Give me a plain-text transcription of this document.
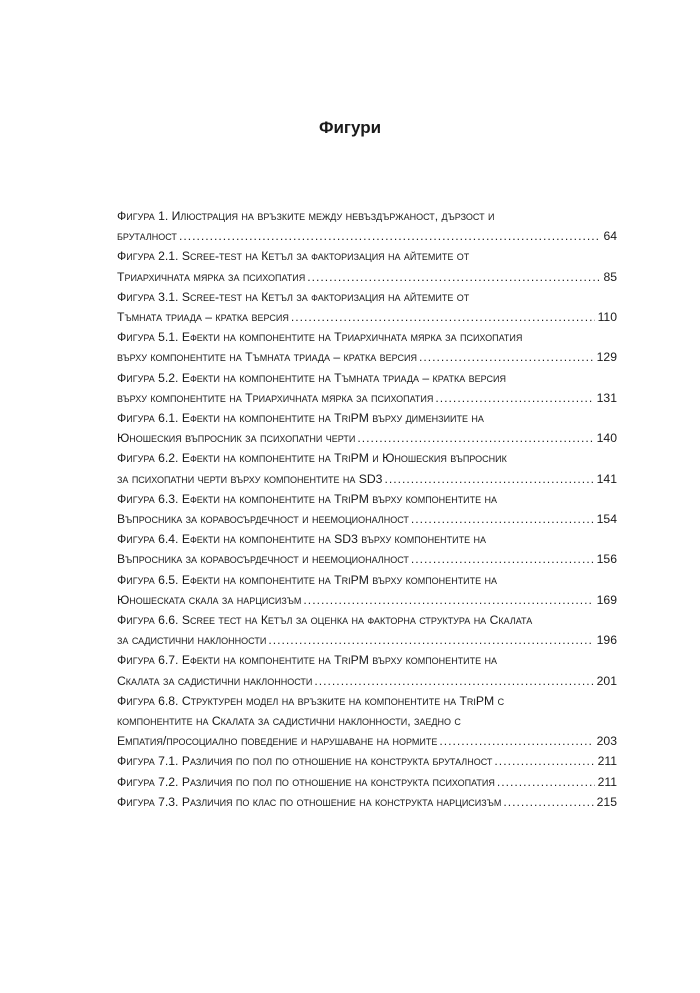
Фигури
Фигура 1. Илюстрация на връзките между невъздържаност, дързост и
бруталност .....	64
Фигура 2.1. Scree-test на Кетъл за факторизация на айтемите от
Триархичната мярка за психопатия .....	85
Фигура 3.1. Scree-test на Кетъл за факторизация на айтемите от
Тъмната триада – кратка версия .....	110
Фигура 5.1. Ефекти на компонентите на Триархичната мярка за психопатия
върху компонентите на Тъмната триада – кратка версия .....	129
Фигура 5.2. Ефекти на компонентите на Тъмната триада – кратка версия
върху компонентите на Триархичната мярка за психопатия .....	131
Фигура 6.1. Ефекти на компонентите на TriPM върху димензиите на
Юношеския въпросник за психопатни черти .....	140
Фигура 6.2. Ефекти на компонентите на TriPM и Юношеския въпросник
за психопатни черти върху компонентите на SD3 .....	141
Фигура 6.3. Ефекти на компонентите на TriPM върху компонентите на
Въпросника за коравосърдечност и неемоционалност .....	154
Фигура 6.4. Ефекти на компонентите на SD3 върху компонентите на
Въпросника за коравосърдечност и неемоционалност .....	156
Фигура 6.5. Ефекти на компонентите на TriPM върху компонентите на
Юношеската скала за нарцисизъм .....	169
Фигура 6.6. Scree тест на Кетъл за оценка на факторна структура на Скалата
за садистични наклонности .....	196
Фигура 6.7. Ефекти на компонентите на TriPM върху компонентите на
Скалата за садистични наклонности .....	201
Фигура 6.8. Структурен модел на връзките на компонентите на TriPM с
компонентите на Скалата за садистични наклонности, заедно с
Емпатия/просоциално поведение и нарушаване на нормите .....	203
Фигура 7.1. Различия по пол по отношение на конструкта бруталност .....	211
Фигура 7.2. Различия по пол по отношение на конструкта психопатия .....	211
Фигура 7.3. Различия по клас по отношение на конструкта нарцисизъм .....	215
